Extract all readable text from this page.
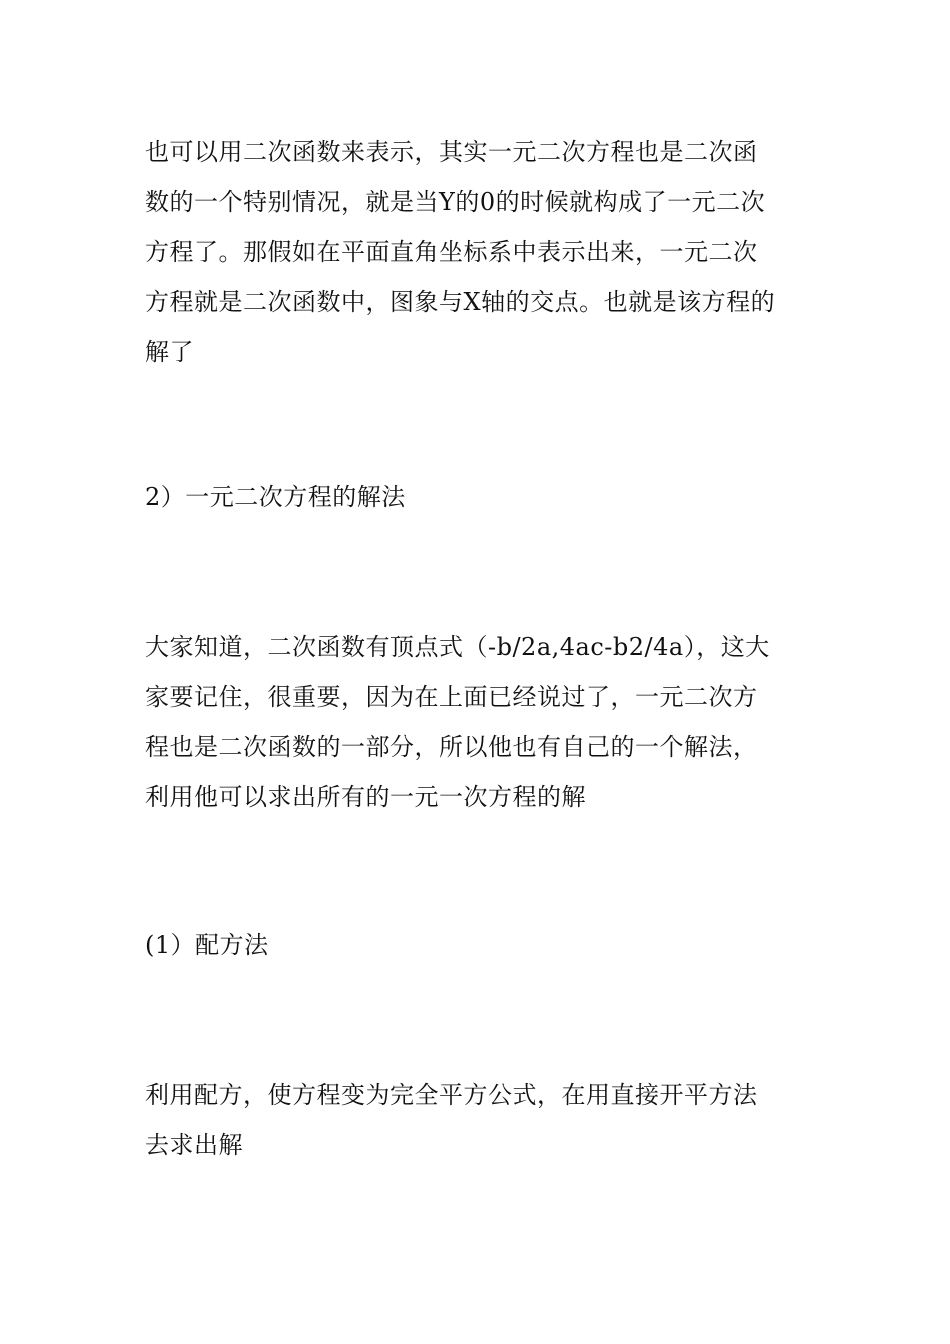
也可以用二次函数来表示，其实一元二次方程也是二次函
数的一个特别情况，就是当Y的0的时候就构成了一元二次
方程了。那假如在平面直角坐标系中表示出来，一元二次
方程就是二次函数中，图象与X轴的交点。也就是该方程的
解了

2）一元二次方程的解法

大家知道，二次函数有顶点式（-b/2a,4ac-b2/4a），这大
家要记住，很重要，因为在上面已经说过了，一元二次方
程也是二次函数的一部分，所以他也有自己的一个解法，
利用他可以求出所有的一元一次方程的解

(1）配方法

利用配方，使方程变为完全平方公式，在用直接开平方法
去求出解
